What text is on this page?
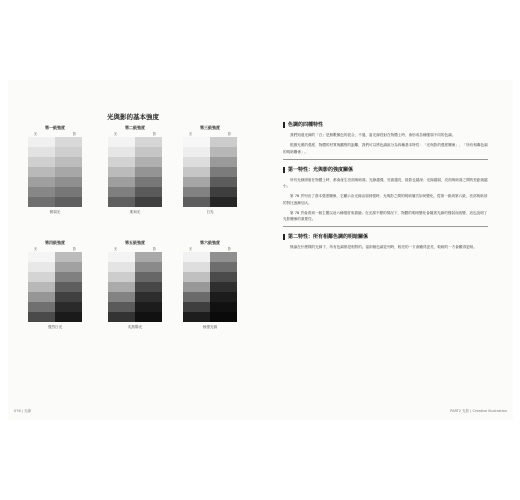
光與影的基本強度
第一級強度
光	影
微弱光
第二級強度
光	影
柔和光
第三級強度
光	影
日光
第四級強度
光	影
強烈日光
第五級強度
光	影
炙熱陽光
第六級強度
光	影
極強光源
076 | 光線
色調的四種特性

我們知道光線的「白」是無數顏色的混合，不過，當光線投射在物體上時，會形成各種強弱不同的色調。

根據光照的強度、物體的材質與觀察的距離，我們可以將色調區分為四種基本特性：「光與影的強度關係」、「所有相鄰色調的明暗關係」。

第一特性：光與影的強度關係

所有光線照射在物體上時，都會產生亮面與暗面。光線越強，亮面越亮，陰影也越深；光線越弱，亮面與暗面之間的差距就越小。

第 76 頁列出了基本強度關係，它顯示出光線由弱到強時，光與影之間的明暗層次如何變化。從第一級到第六級，亮部與暗部的對比逐漸加大。

第 78 頁會看到一個主題以這六種強度來描繪。在光源不變的情況下，物體的明暗變化會隨著光線的強弱而改變，這也說明了光影關係的重要性。

第二特性：所有相鄰色調的明暗關係

無論在什麼樣的光線下，所有色調都是相對的。當兩個色調並列時，較亮的一方會顯得更亮，較暗的一方會顯得更暗。

PART2 光影 | Creative Illustration
